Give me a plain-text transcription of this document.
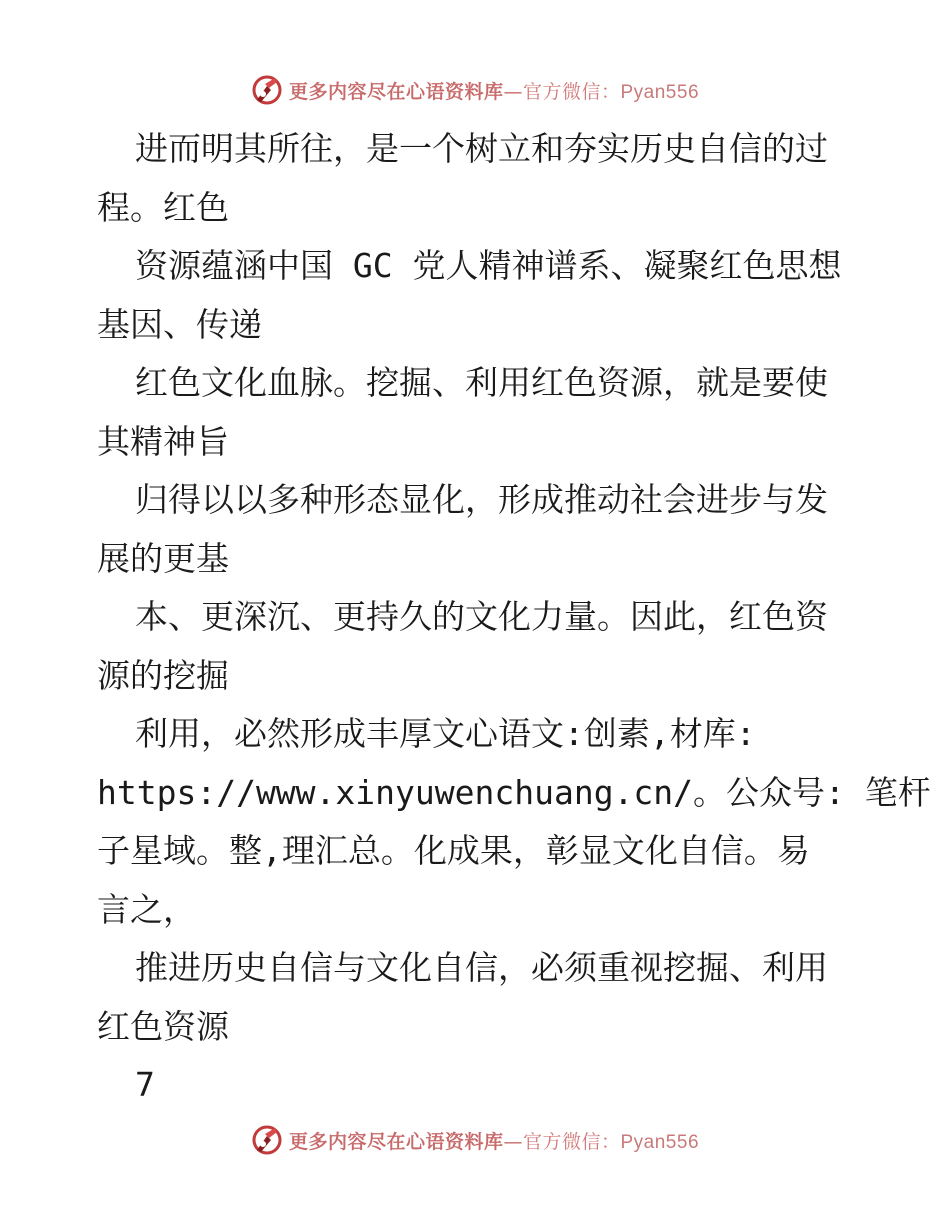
更多内容尽在心语资料库—官方微信：Pyan556
进而明其所往，是一个树立和夯实历史自信的过
程。红色
资源蕴涵中国 GC 党人精神谱系、凝聚红色思想
基因、传递
红色文化血脉。挖掘、利用红色资源，就是要使
其精神旨
归得以以多种形态显化，形成推动社会进步与发
展的更基
本、更深沉、更持久的文化力量。因此，红色资
源的挖掘
利用，必然形成丰厚文心语文:创素,材库:
https://www.xinyuwenchuang.cn/。公众号: 笔杆
子星域。整,理汇总。化成果，彰显文化自信。易
言之，
推进历史自信与文化自信，必须重视挖掘、利用
红色资源
7
更多内容尽在心语资料库—官方微信：Pyan556
